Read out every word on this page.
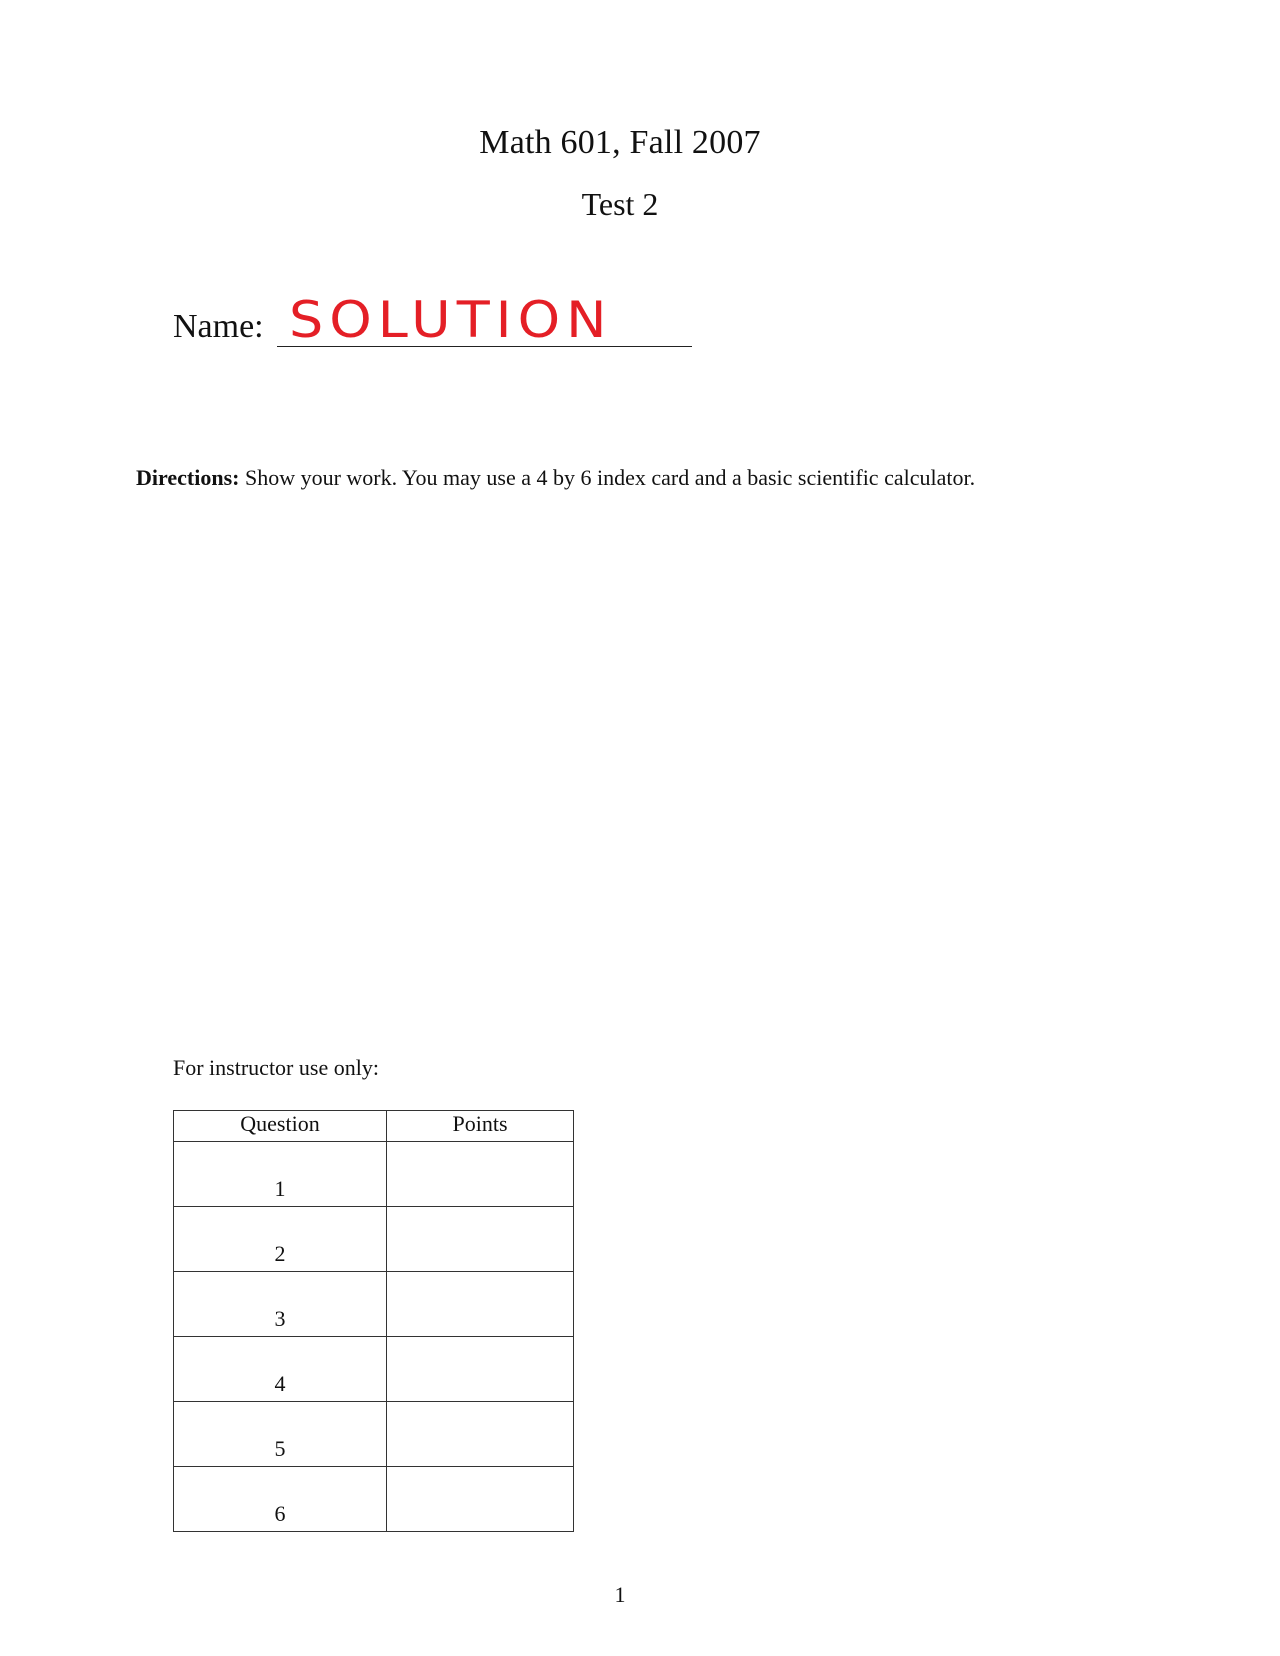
Math 601, Fall 2007
Test 2
Name: SOLUTION
Directions: Show your work. You may use a 4 by 6 index card and a basic scientific calculator.
For instructor use only:
Question	Points
1	
2	
3	
4	
5	
6	
1
